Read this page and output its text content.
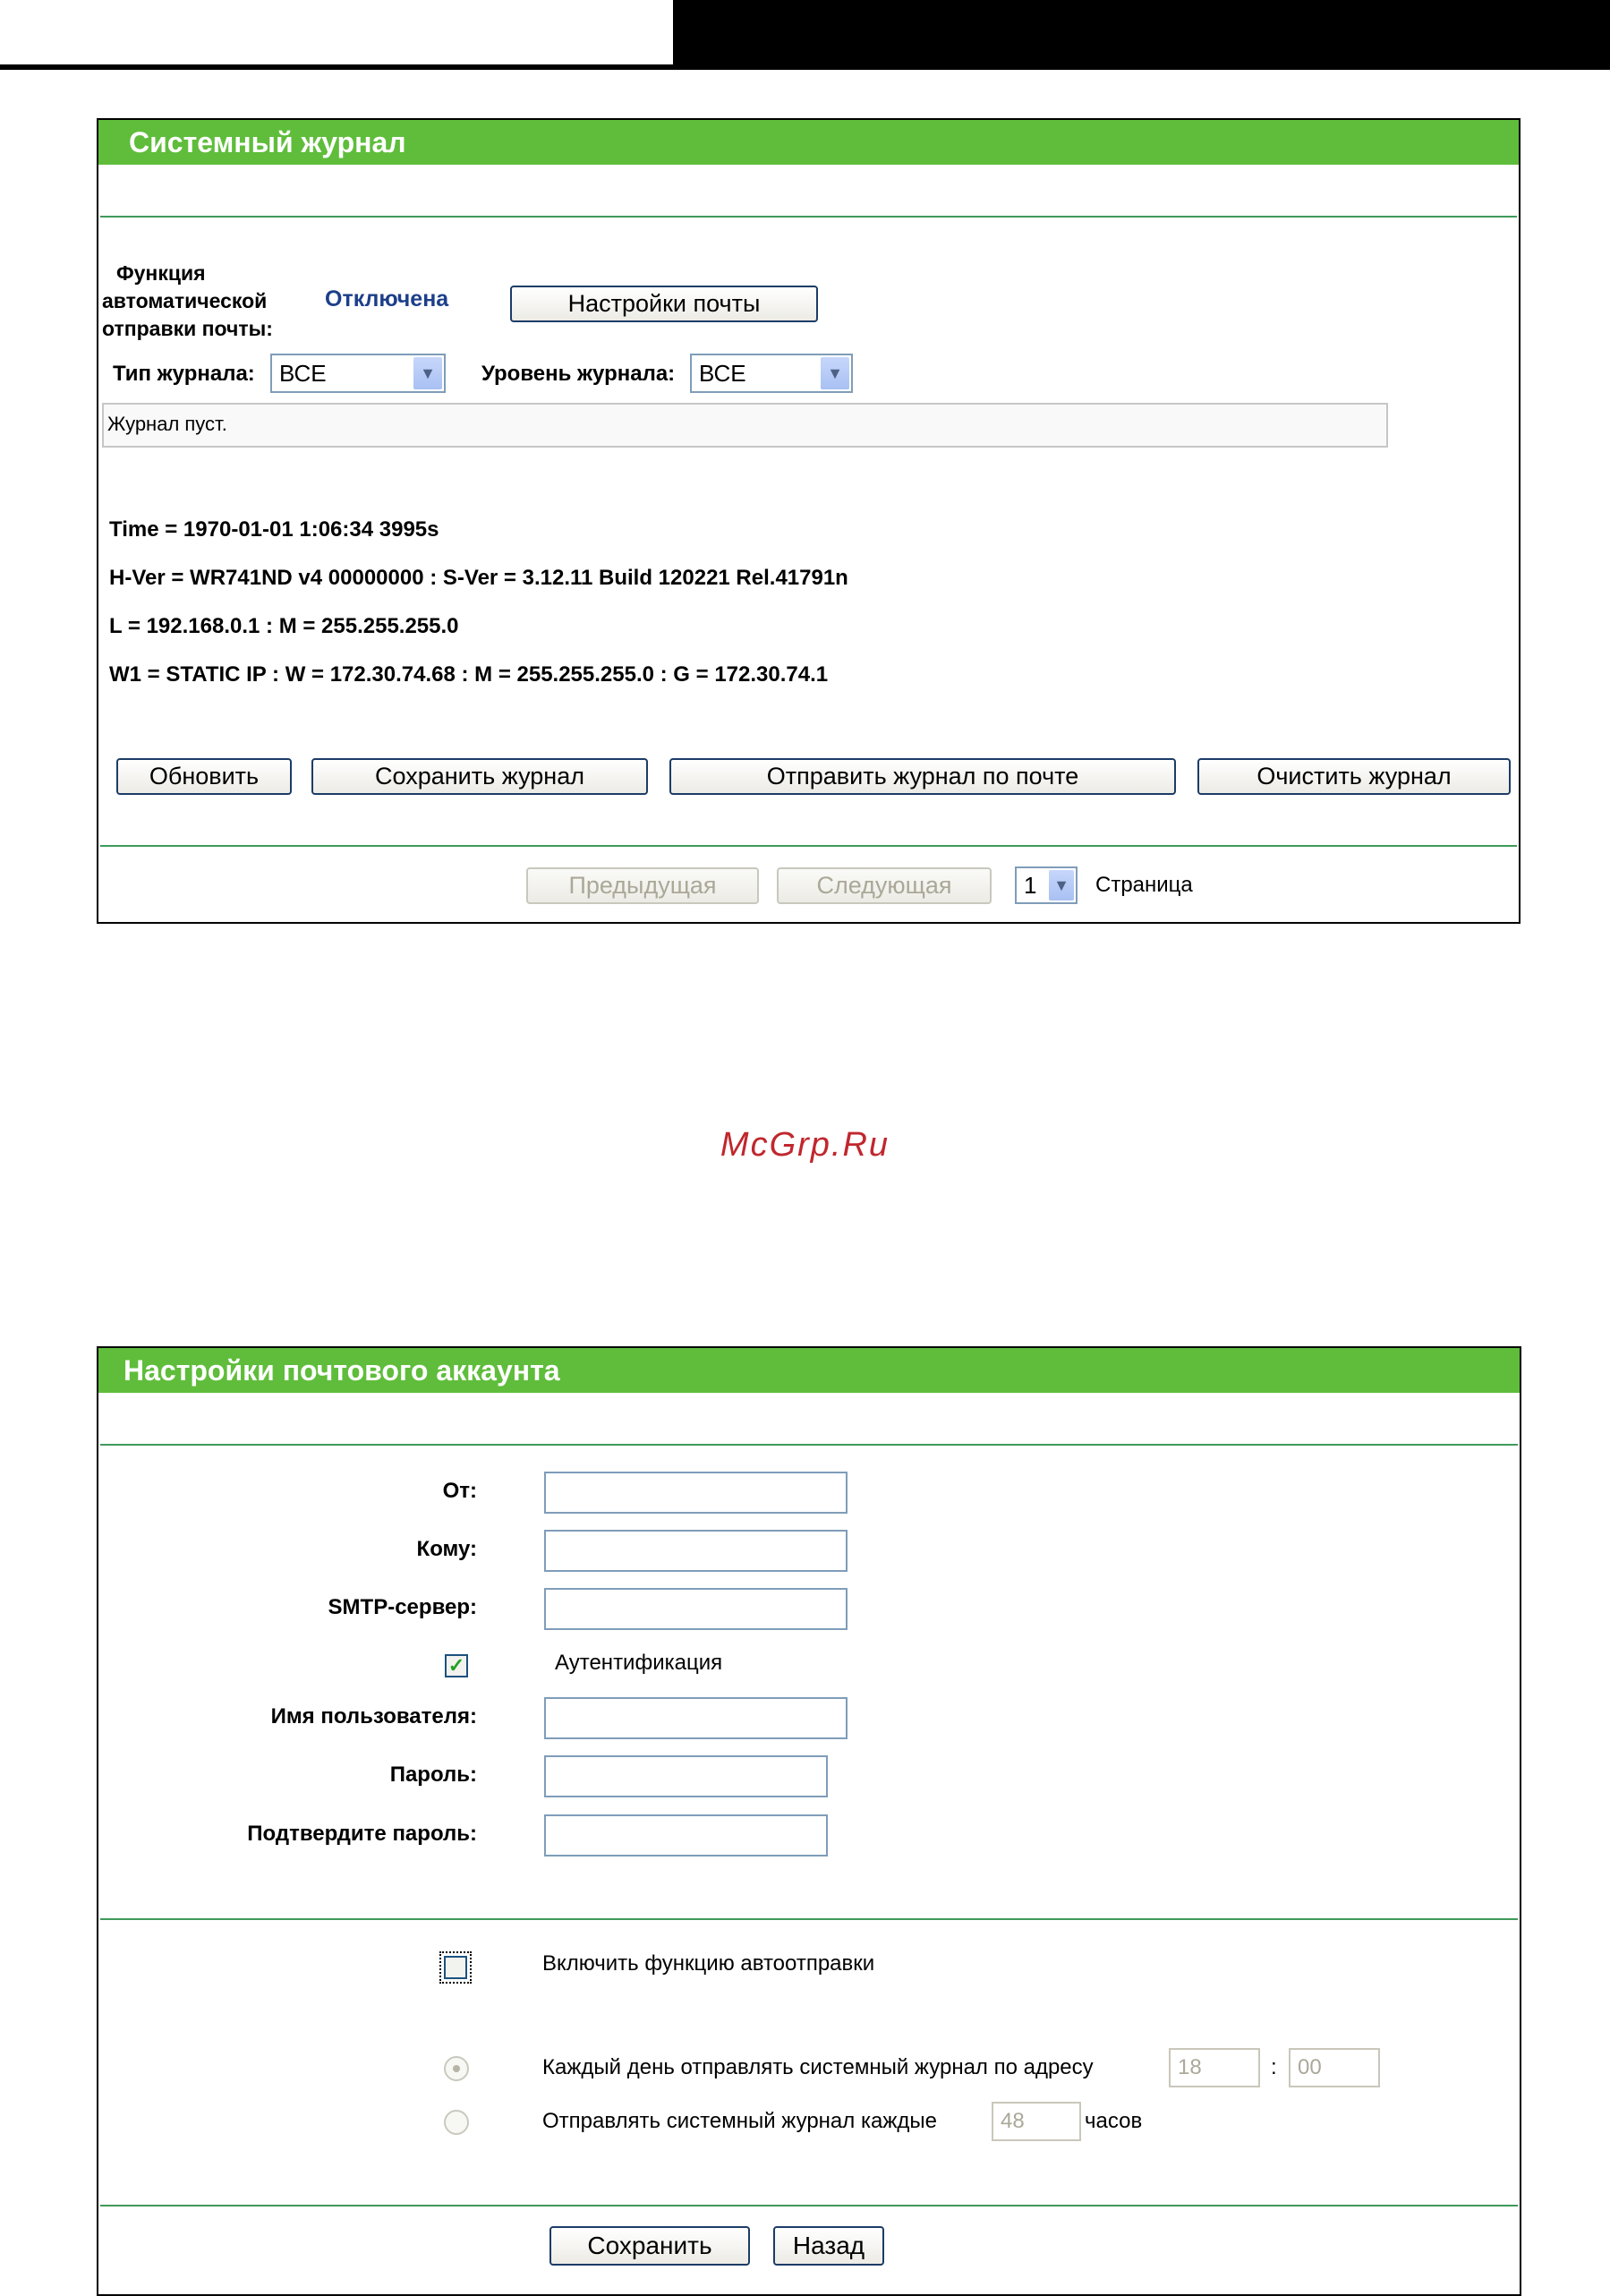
Системный журнал
Функция
автоматической
отправки почты:
Отключена	Настройки почты
Тип журнала:	ВСЕ	▼ Уровень журнала:	ВСЕ	▼
Журнал пуст.
Time = 1970-01-01 1:06:34 3995s
H-Ver = WR741ND v4 00000000 : S-Ver = 3.12.11 Build 120221 Rel.41791n
L = 192.168.0.1 : M = 255.255.255.0
W1 = STATIC IP : W = 172.30.74.68 : M = 255.255.255.0 : G = 172.30.74.1
Обновить	Сохранить журнал	Отправить журнал по почте	Очистить журнал
Предыдущая	Следующая	1 ▼ Страница
McGrp.Ru
Настройки почтового аккаунта
От:
Кому:
SMTP-сервер:
✓	Аутентификация
Имя пользователя:
Пароль:
Подтвердите пароль:
Включить функцию автоотправки
Каждый день отправлять системный журнал по адресу	18	: 00
Отправлять системный журнал каждые	48	часов
Сохранить	Назад
